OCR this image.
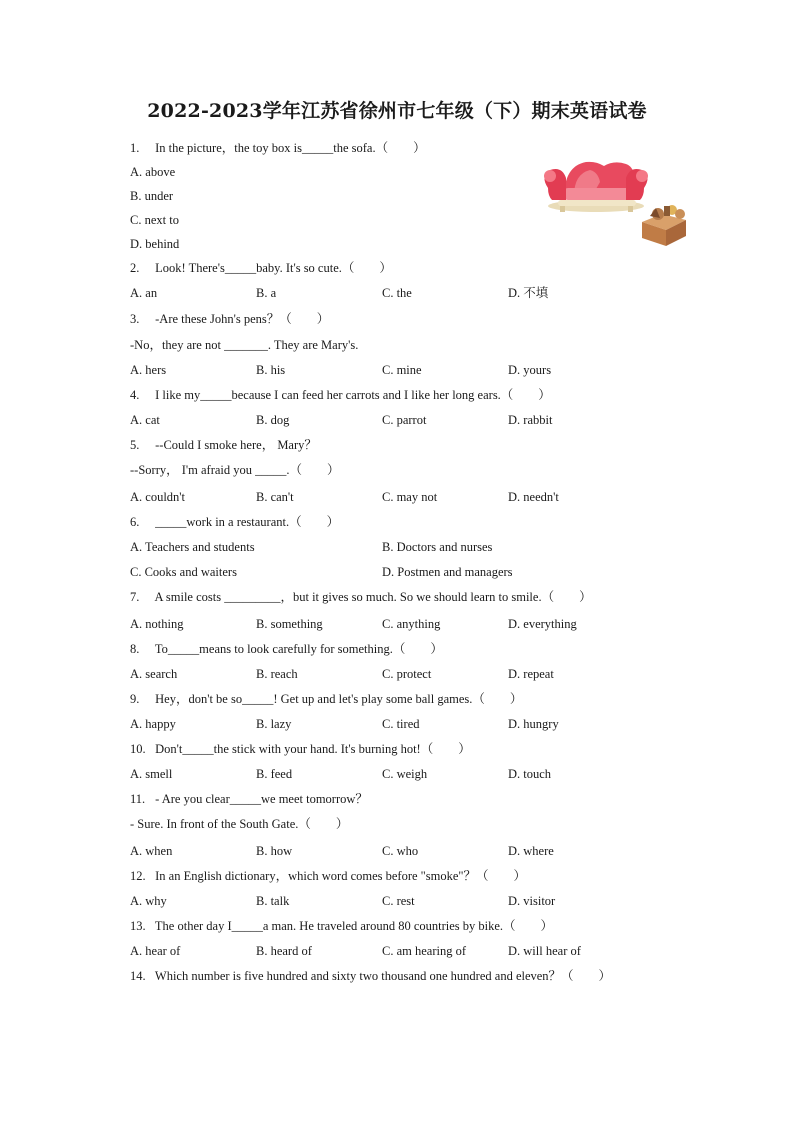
2022-2023学年江苏省徐州市七年级（下）期末英语试卷
1. In the picture，the toy box is_____the sofa.（　　）
A. above
B. under
C. next to
D. behind
2. Look! There's_____baby. It's so cute.（　　）
A. an	B. a	C. the	D. 不填
3. -Are these John's pens？（　　）
-No，they are not _______. They are Mary's.
A. hers	B. his	C. mine	D. yours
4. I like my_____because I can feed her carrots and I like her long ears.（　　）
A. cat	B. dog	C. parrot	D. rabbit
5. --Could I smoke here， Mary？
--Sorry， I'm afraid you _____.（　　）
A. couldn't	B. can't	C. may not	D. needn't
6. _____work in a restaurant.（　　）
A. Teachers and students	B. Doctors and nurses
C. Cooks and waiters	D. Postmen and managers
7. A smile costs _________，but it gives so much. So we should learn to smile.（　　）
A. nothing	B. something	C. anything	D. everything
8. To_____means to look carefully for something.（　　）
A. search	B. reach	C. protect	D. repeat
9. Hey，don't be so_____! Get up and let's play some ball games.（　　）
A. happy	B. lazy	C. tired	D. hungry
10. Don't_____the stick with your hand. It's burning hot!（　　）
A. smell	B. feed	C. weigh	D. touch
11. - Are you clear_____we meet tomorrow？
- Sure. In front of the South Gate.（　　）
A. when	B. how	C. who	D. where
12. In an English dictionary，which word comes before "smoke"？（　　）
A. why	B. talk	C. rest	D. visitor
13. The other day I_____a man. He traveled around 80 countries by bike.（　　）
A. hear of	B. heard of	C. am hearing of	D. will hear of
14. Which number is five hundred and sixty two thousand one hundred and eleven？（　　）
